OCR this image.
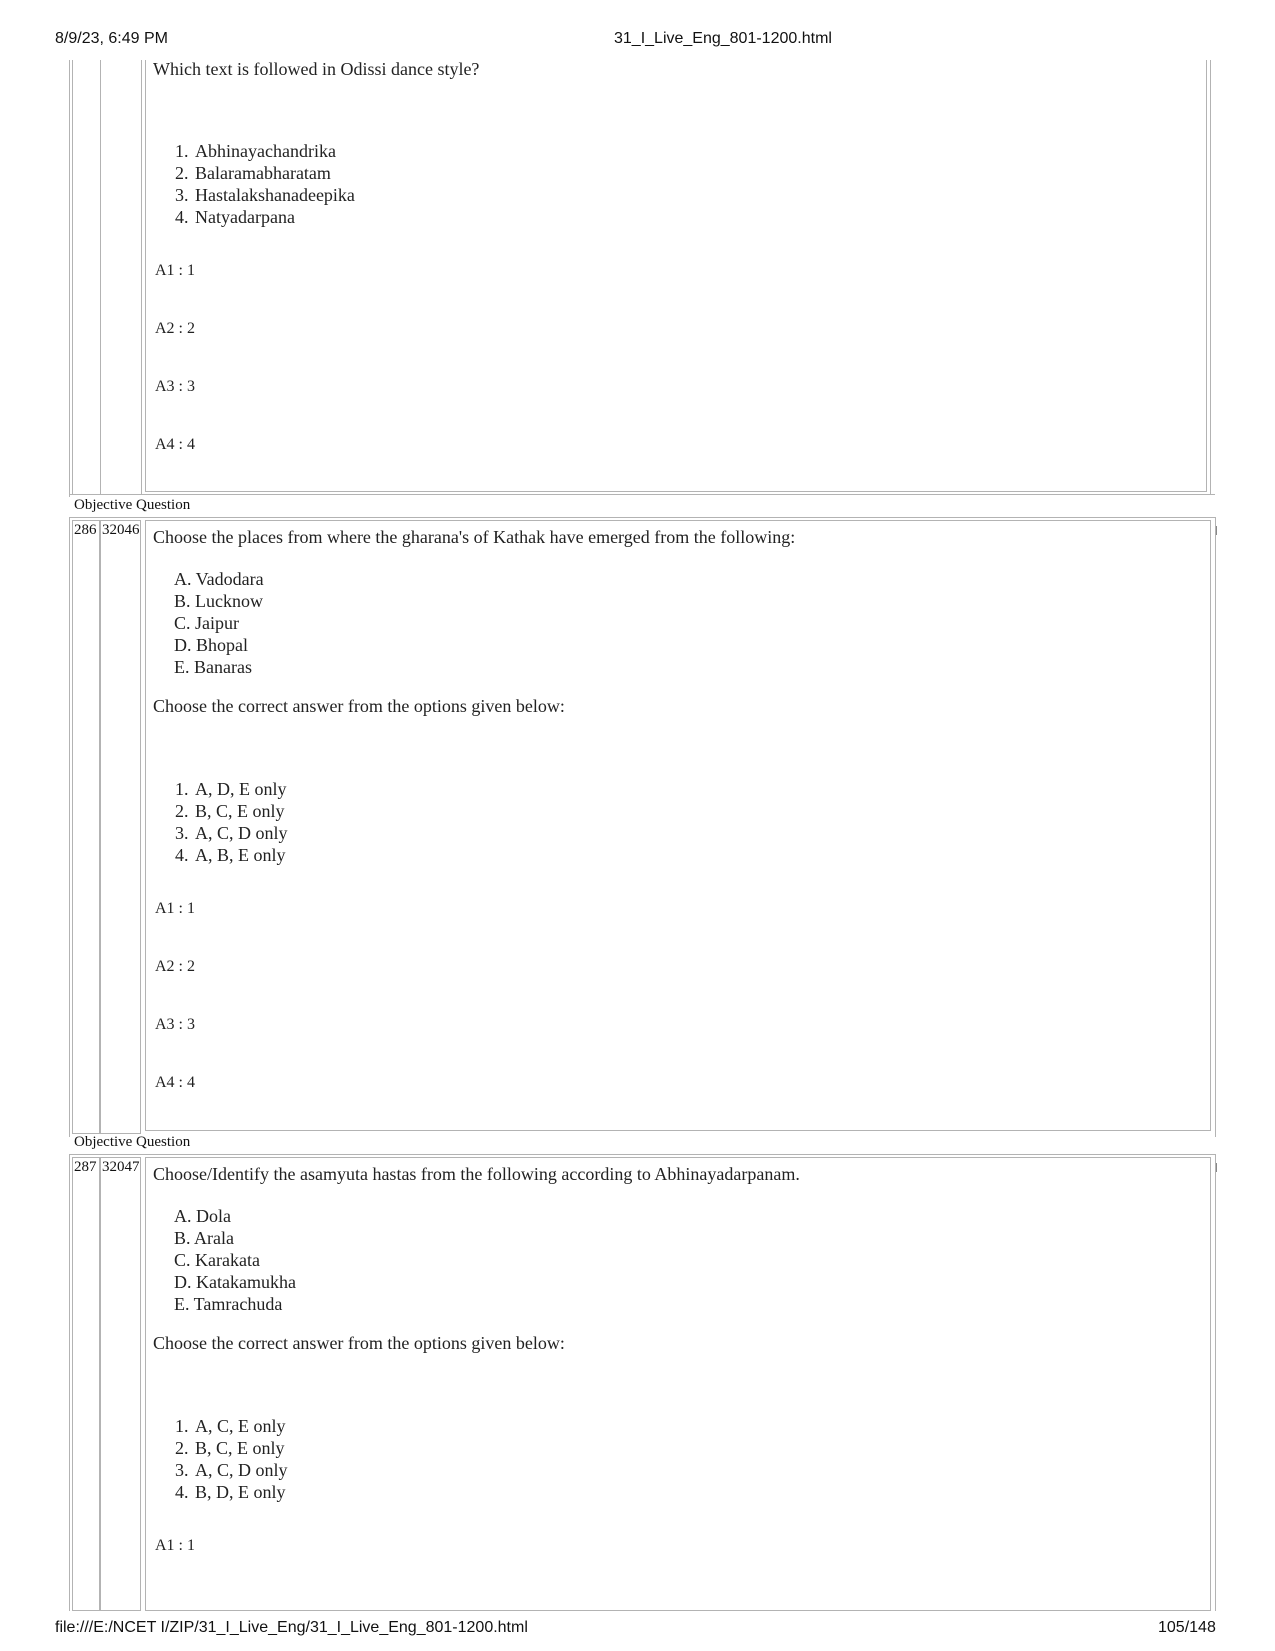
8/9/23, 6:49 PM	31_I_Live_Eng_801-1200.html
Which text is followed in Odissi dance style?
1. Abhinayachandrika
2. Balaramabharatam
3. Hastalakshanadeepika
4. Natyadarpana
A1 : 1
A2 : 2
A3 : 3
A4 : 4
Objective Question
286 32046 Choose the places from where the gharana's of Kathak have emerged from the following:
A. Vadodara
B. Lucknow
C. Jaipur
D. Bhopal
E. Banaras
Choose the correct answer from the options given below:
1. A, D, E only
2. B, C, E only
3. A, C, D only
4. A, B, E only
A1 : 1
A2 : 2
A3 : 3
A4 : 4
Objective Question
287 32047 Choose/Identify the asamyuta hastas from the following according to Abhinayadarpanam.
A. Dola
B. Arala
C. Karakata
D. Katakamukha
E. Tamrachuda
Choose the correct answer from the options given below:
1. A, C, E only
2. B, C, E only
3. A, C, D only
4. B, D, E only
A1 : 1
file:///E:/NCET I/ZIP/31_I_Live_Eng/31_I_Live_Eng_801-1200.html	105/148
